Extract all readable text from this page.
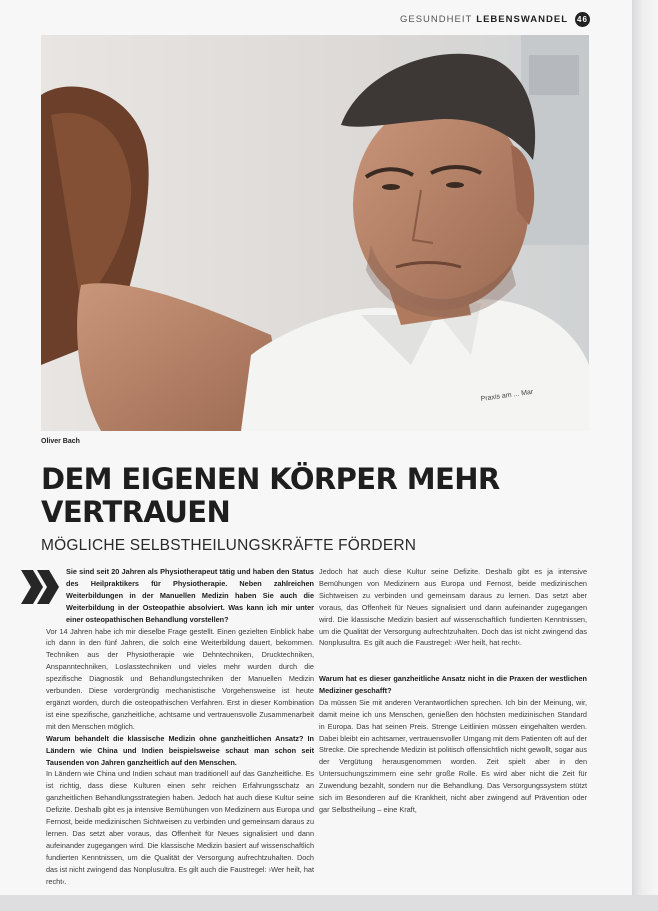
GESUNDHEIT LEBENSWANDEL 46
Praxis am ... Mar
Oliver Bach
DEM EIGENEN KÖRPER MEHR
VERTRAUEN
MÖGLICHE SELBSTHEILUNGSKRÄFTE FÖRDERN

Sie sind seit 20 Jahren als Physiotherapeut tätig und haben den Status des Heilpraktikers für Physiotherapie. Neben zahlreichen Weiterbildungen in der Manuellen Medizin haben Sie auch die Weiterbildung in der Osteopathie absolviert. Was kann ich mir unter einer osteopathischen Behandlung vorstellen?

Vor 14 Jahren habe ich mir dieselbe Frage gestellt. Einen gezielten Einblick habe ich dann in den fünf Jahren, die solch eine Weiterbildung dauert, bekommen. Techniken aus der Physiotherapie wie Dehntechniken, Drucktechniken, Anspanntechniken, Loslasstechniken und vieles mehr wurden durch die spezifische Diagnostik und Behandlungstechniken der Manuellen Medizin verbunden. Diese vordergründig mechanistische Vorgehensweise ist heute ergänzt worden, durch die osteopathischen Verfahren. Erst in dieser Kombination ist eine spezifische, ganzheitliche, achtsame und vertrauensvolle Zusammenarbeit mit den Menschen möglich.

Warum behandelt die klassische Medizin ohne ganzheitlichen Ansatz? In Ländern wie China und Indien beispielsweise schaut man schon seit Tausenden von Jahren ganzheitlich auf den Menschen.

In Ländern wie China und Indien schaut man traditionell auf das Ganzheitliche. Es ist richtig, dass diese Kulturen einen sehr reichen Erfahrungsschatz an ganzheitlichen Behandlungsstrategien haben. Jedoch hat auch diese Kultur seine Defizite. Deshalb gibt es ja intensive Bemühungen von Medizinern aus Europa und Fernost, beide medizinischen Sichtweisen zu verbinden und gemeinsam daraus zu lernen. Das setzt aber voraus, das Offenheit für Neues signalisiert und dann aufeinander zugegangen wird. Die klassische Medizin basiert auf wissenschaftlich fundierten Kenntnissen, um die Qualität der Versorgung aufrechtzuhalten. Doch das ist nicht zwingend das Nonplusultra. Es gilt auch die Faustregel: ›Wer heilt, hat recht‹.

Jedoch hat auch diese Kultur seine Defizite. Deshalb gibt es ja intensive Bemühungen von Medizinern aus Europa und Fernost, beide medizinischen Sichtweisen zu verbinden und gemeinsam daraus zu lernen. Das setzt aber voraus, das Offenheit für Neues signalisiert und dann aufeinander zugegangen wird. Die klassische Medizin basiert auf wissenschaftlich fundierten Kenntnissen, um die Qualität der Versorgung aufrechtzuhalten. Doch das ist nicht zwingend das Nonplusultra. Es gilt auch die Faustregel: ›Wer heilt, hat recht‹.

Warum hat es dieser ganzheitliche Ansatz nicht in die Praxen der westlichen Mediziner geschafft?

Da müssen Sie mit anderen Verantwortlichen sprechen. Ich bin der Meinung, wir, damit meine ich uns Menschen, genießen den höchsten medizinischen Standard in Europa. Das hat seinen Preis. Strenge Leitlinien müssen eingehalten werden. Dabei bleibt ein achtsamer, vertrauensvoller Umgang mit dem Patienten oft auf der Strecke. Die sprechende Medizin ist politisch offensichtlich nicht gewollt, sogar aus der Vergütung herausgenommen worden. Zeit spielt aber in den Untersuchungszimmern eine sehr große Rolle. Es wird aber nicht die Zeit für Zuwendung bezahlt, sondern nur die Behandlung. Das Versorgungssystem stützt sich im Besonderen auf die Krankheit, nicht aber zwingend auf Prävention oder gar Selbstheilung – eine Kraft,
